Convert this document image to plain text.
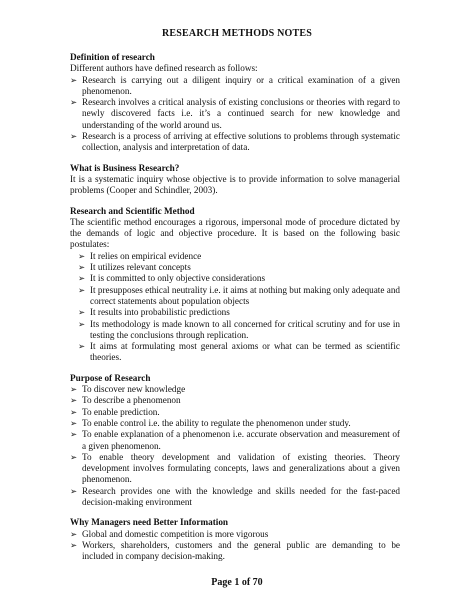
RESEARCH METHODS NOTES

Definition of research

Different authors have defined research as follows:

➢ Research is carrying out a diligent inquiry or a critical examination of a given phenomenon.
➢ Research involves a critical analysis of existing conclusions or theories with regard to newly discovered facts i.e. it’s a continued search for new knowledge and understanding of the world around us.
➢ Research is a process of arriving at effective solutions to problems through systematic collection, analysis and interpretation of data.

What is Business Research?

It is a systematic inquiry whose objective is to provide information to solve managerial problems (Cooper and Schindler, 2003).

Research and Scientific Method

The scientific method encourages a rigorous, impersonal mode of procedure dictated by the demands of logic and objective procedure. It is based on the following basic postulates:

➢ It relies on empirical evidence
➢ It utilizes relevant concepts
➢ It is committed to only objective considerations
➢ It presupposes ethical neutrality i.e. it aims at nothing but making only adequate and correct statements about population objects
➢ It results into probabilistic predictions
➢ Its methodology is made known to all concerned for critical scrutiny and for use in testing the conclusions through replication.
➢ It aims at formulating most general axioms or what can be termed as scientific theories.

Purpose of Research

➢ To discover new knowledge
➢ To describe a phenomenon
➢ To enable prediction.
➢ To enable control i.e. the ability to regulate the phenomenon under study.
➢ To enable explanation of a phenomenon i.e. accurate observation and measurement of a given phenomenon.
➢ To enable theory development and validation of existing theories. Theory development involves formulating concepts, laws and generalizations about a given phenomenon.
➢ Research provides one with the knowledge and skills needed for the fast-paced decision-making environment

Why Managers need Better Information

➢ Global and domestic competition is more vigorous
➢ Workers, shareholders, customers and the general public are demanding to be included in company decision-making.
Page 1 of 70
